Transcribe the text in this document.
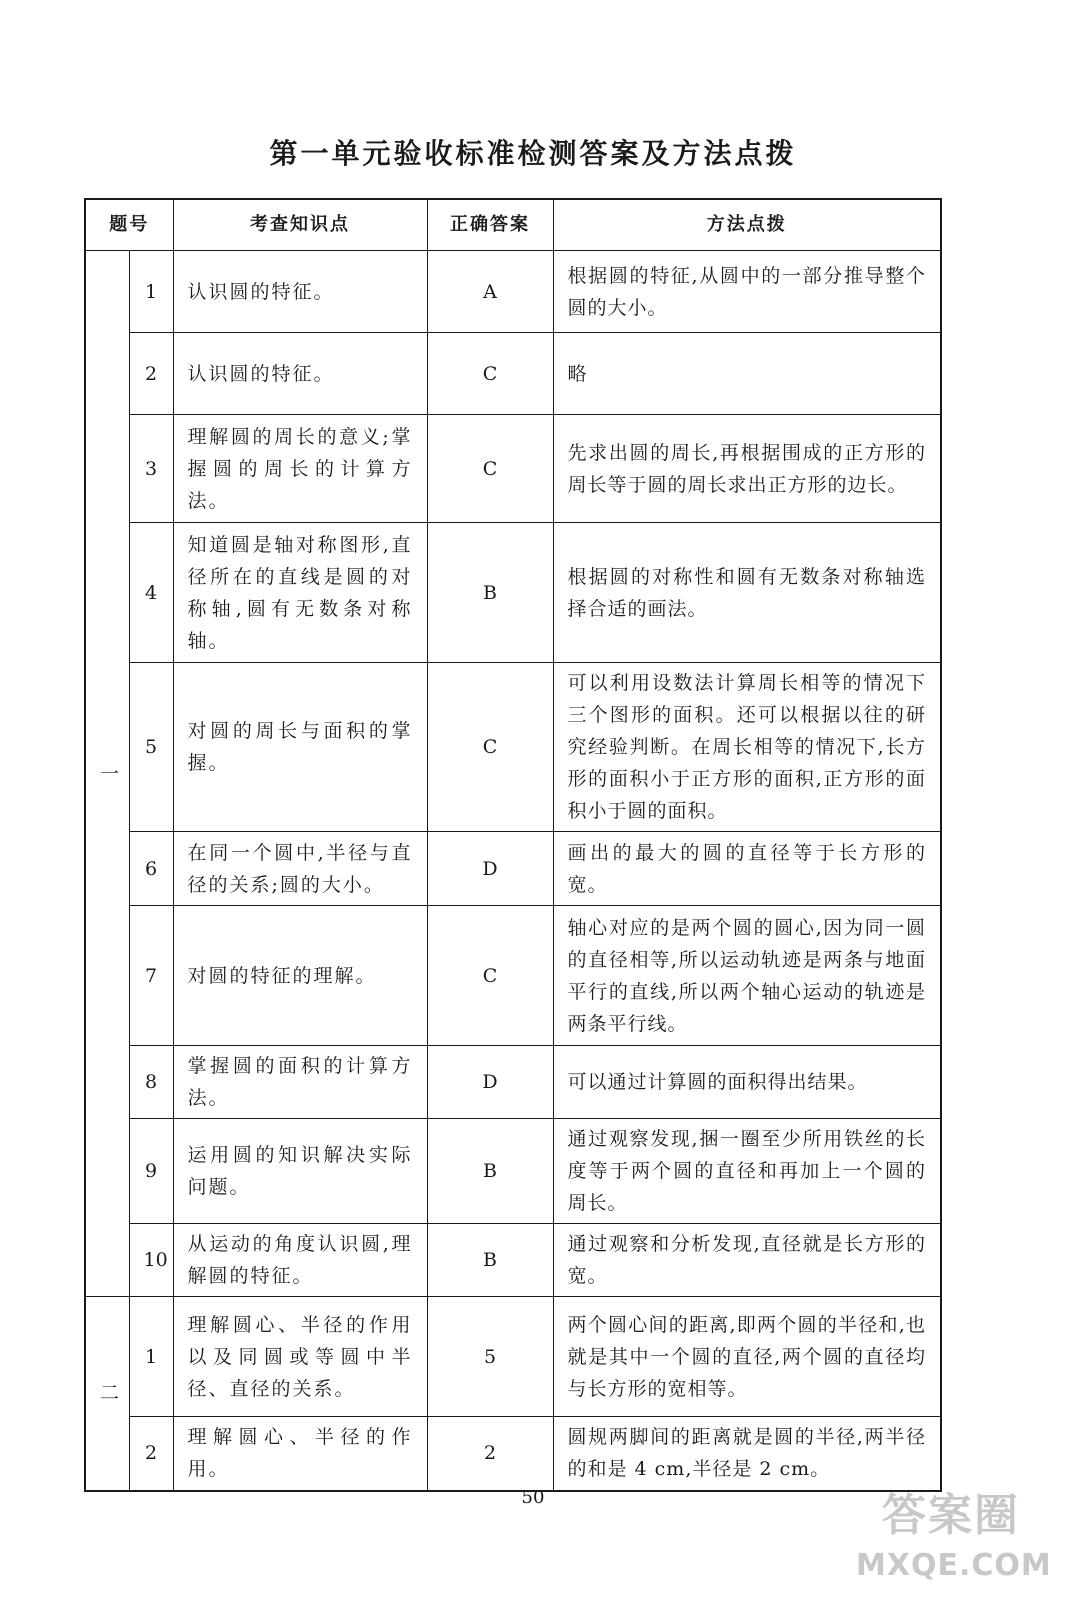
第一单元验收标准检测答案及方法点拨
题号		考查知识点	正确答案	方法点拨
一	1	认识圆的特征。	A	根据圆的特征,从圆中的一部分推导整个圆的大小。
	2	认识圆的特征。	C	略
	3	理解圆的周长的意义;掌握圆的周长的计算方法。	C	先求出圆的周长,再根据围成的正方形的周长等于圆的周长求出正方形的边长。
	4	知道圆是轴对称图形,直径所在的直线是圆的对称轴,圆有无数条对称轴。	B	根据圆的对称性和圆有无数条对称轴选择合适的画法。
	5	对圆的周长与面积的掌握。	C	可以利用设数法计算周长相等的情况下三个图形的面积。还可以根据以往的研究经验判断。在周长相等的情况下,长方形的面积小于正方形的面积,正方形的面积小于圆的面积。
	6	在同一个圆中,半径与直径的关系;圆的大小。	D	画出的最大的圆的直径等于长方形的宽。
	7	对圆的特征的理解。	C	轴心对应的是两个圆的圆心,因为同一圆的直径相等,所以运动轨迹是两条与地面平行的直线,所以两个轴心运动的轨迹是两条平行线。
	8	掌握圆的面积的计算方法。	D	可以通过计算圆的面积得出结果。
	9	运用圆的知识解决实际问题。	B	通过观察发现,捆一圈至少所用铁丝的长度等于两个圆的直径和再加上一个圆的周长。
	10	从运动的角度认识圆,理解圆的特征。	B	通过观察和分析发现,直径就是长方形的宽。
二	1	理解圆心、半径的作用以及同圆或等圆中半径、直径的关系。	5	两个圆心间的距离,即两个圆的半径和,也就是其中一个圆的直径,两个圆的直径均与长方形的宽相等。
	2	理解圆心、半径的作用。	2	圆规两脚间的距离就是圆的半径,两半径的和是 4 cm,半径是 2 cm。
50	答案圈
MXQE.COM
